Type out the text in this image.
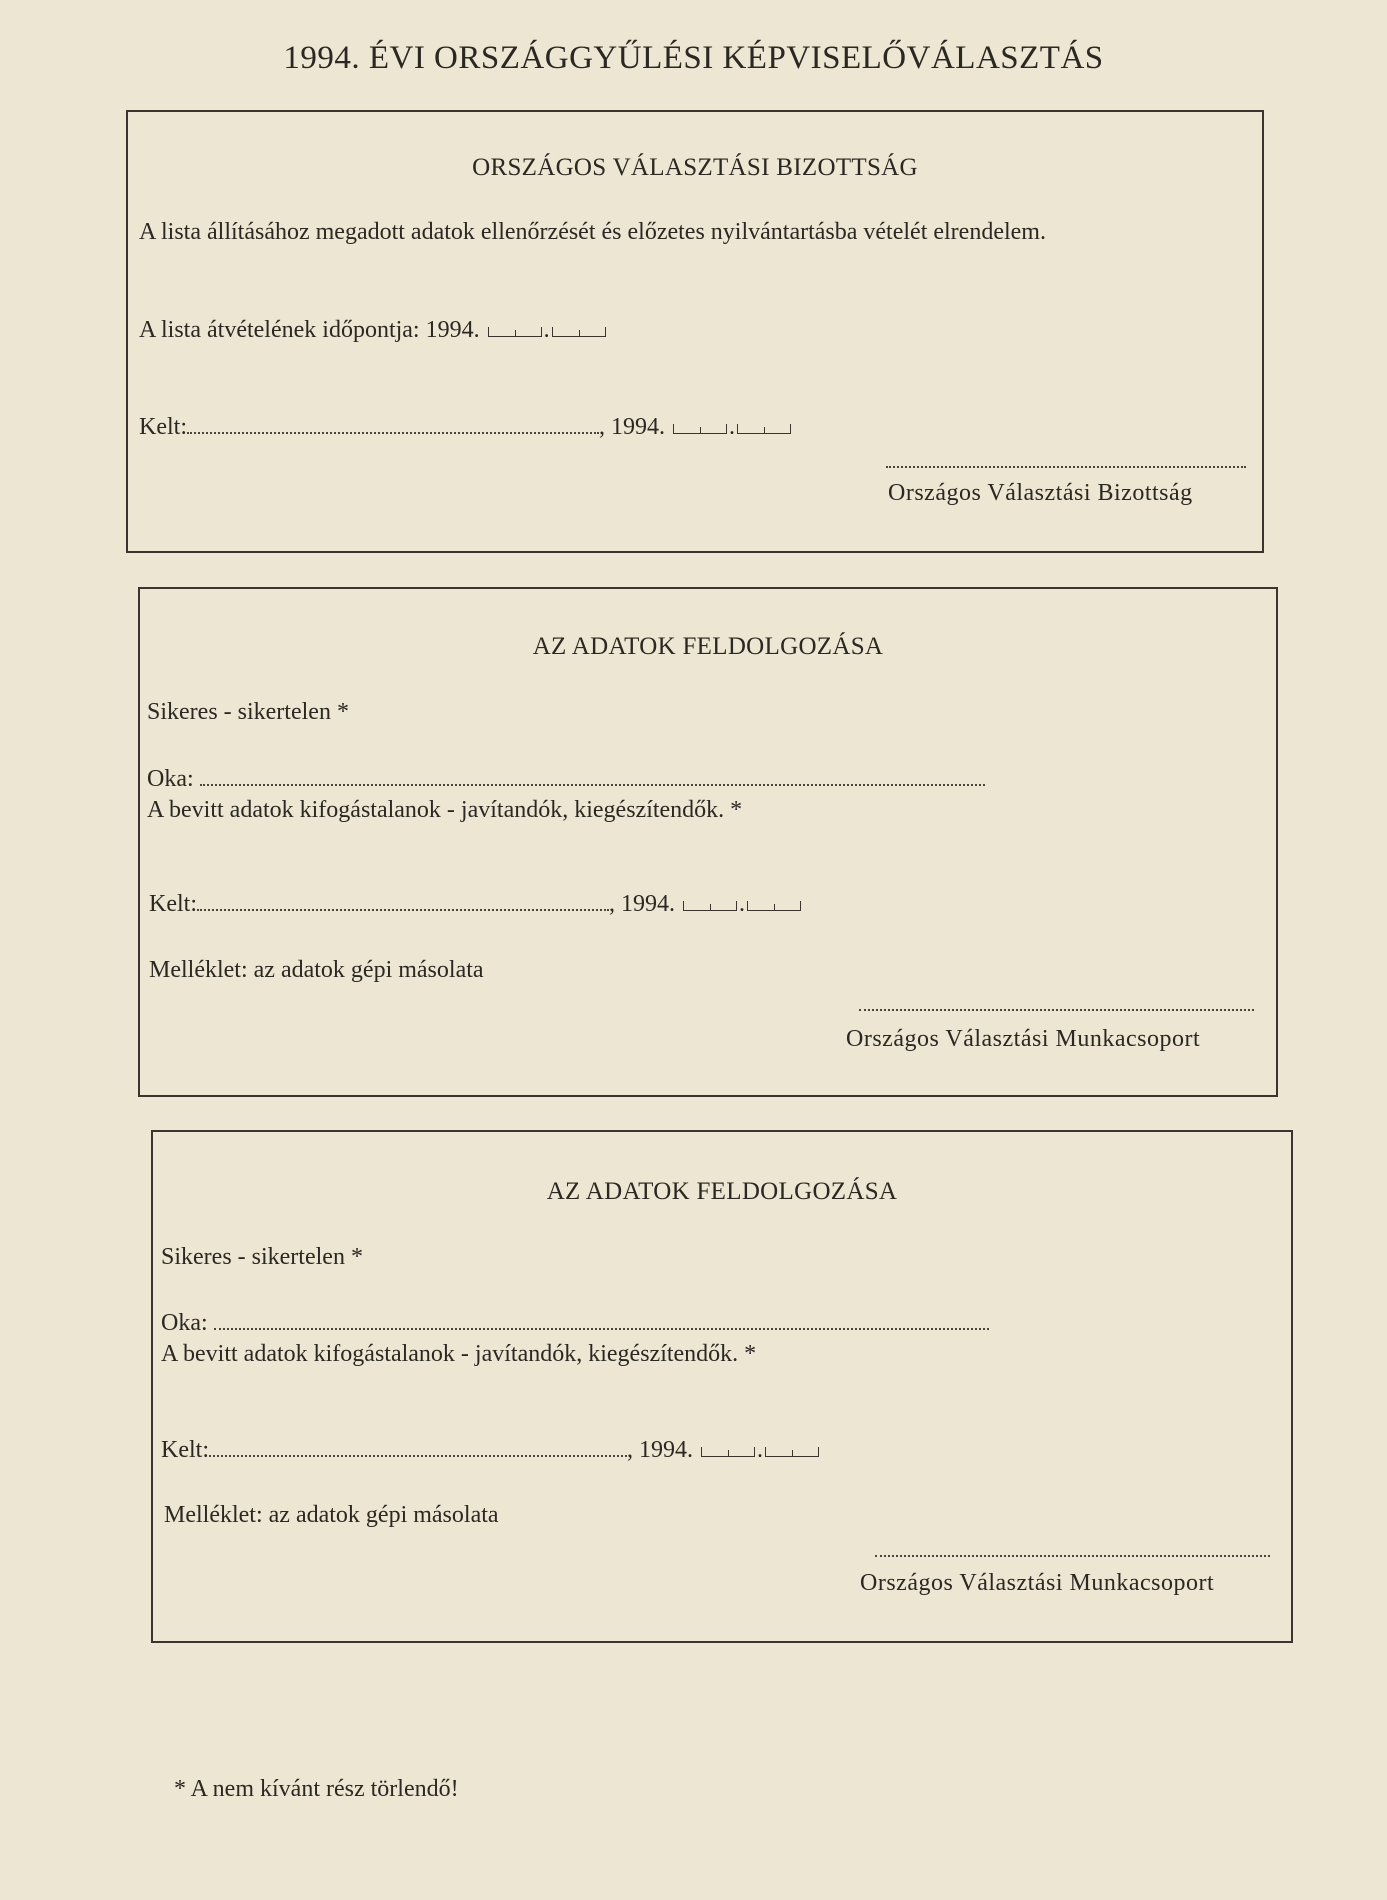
1994. ÉVI ORSZÁGGYŰLÉSI KÉPVISELŐVÁLASZTÁS
ORSZÁGOS VÁLASZTÁSI BIZOTTSÁG
A lista állításához megadott adatok ellenőrzését és előzetes nyilvántartásba vételét elrendelem.
A lista átvételének időpontja: 1994.	.
Kelt:	, 1994.	.
Országos Választási Bizottság
AZ ADATOK FELDOLGOZÁSA
Sikeres - sikertelen *
Oka:
A bevitt adatok kifogástalanok - javítandók, kiegészítendők. *
Kelt:	, 1994.	.
Melléklet: az adatok gépi másolata
Országos Választási Munkacsoport
AZ ADATOK FELDOLGOZÁSA
Sikeres - sikertelen *
Oka:
A bevitt adatok kifogástalanok - javítandók, kiegészítendők. *
Kelt:	, 1994.	.
Melléklet: az adatok gépi másolata
Országos Választási Munkacsoport
* A nem kívánt rész törlendő!
